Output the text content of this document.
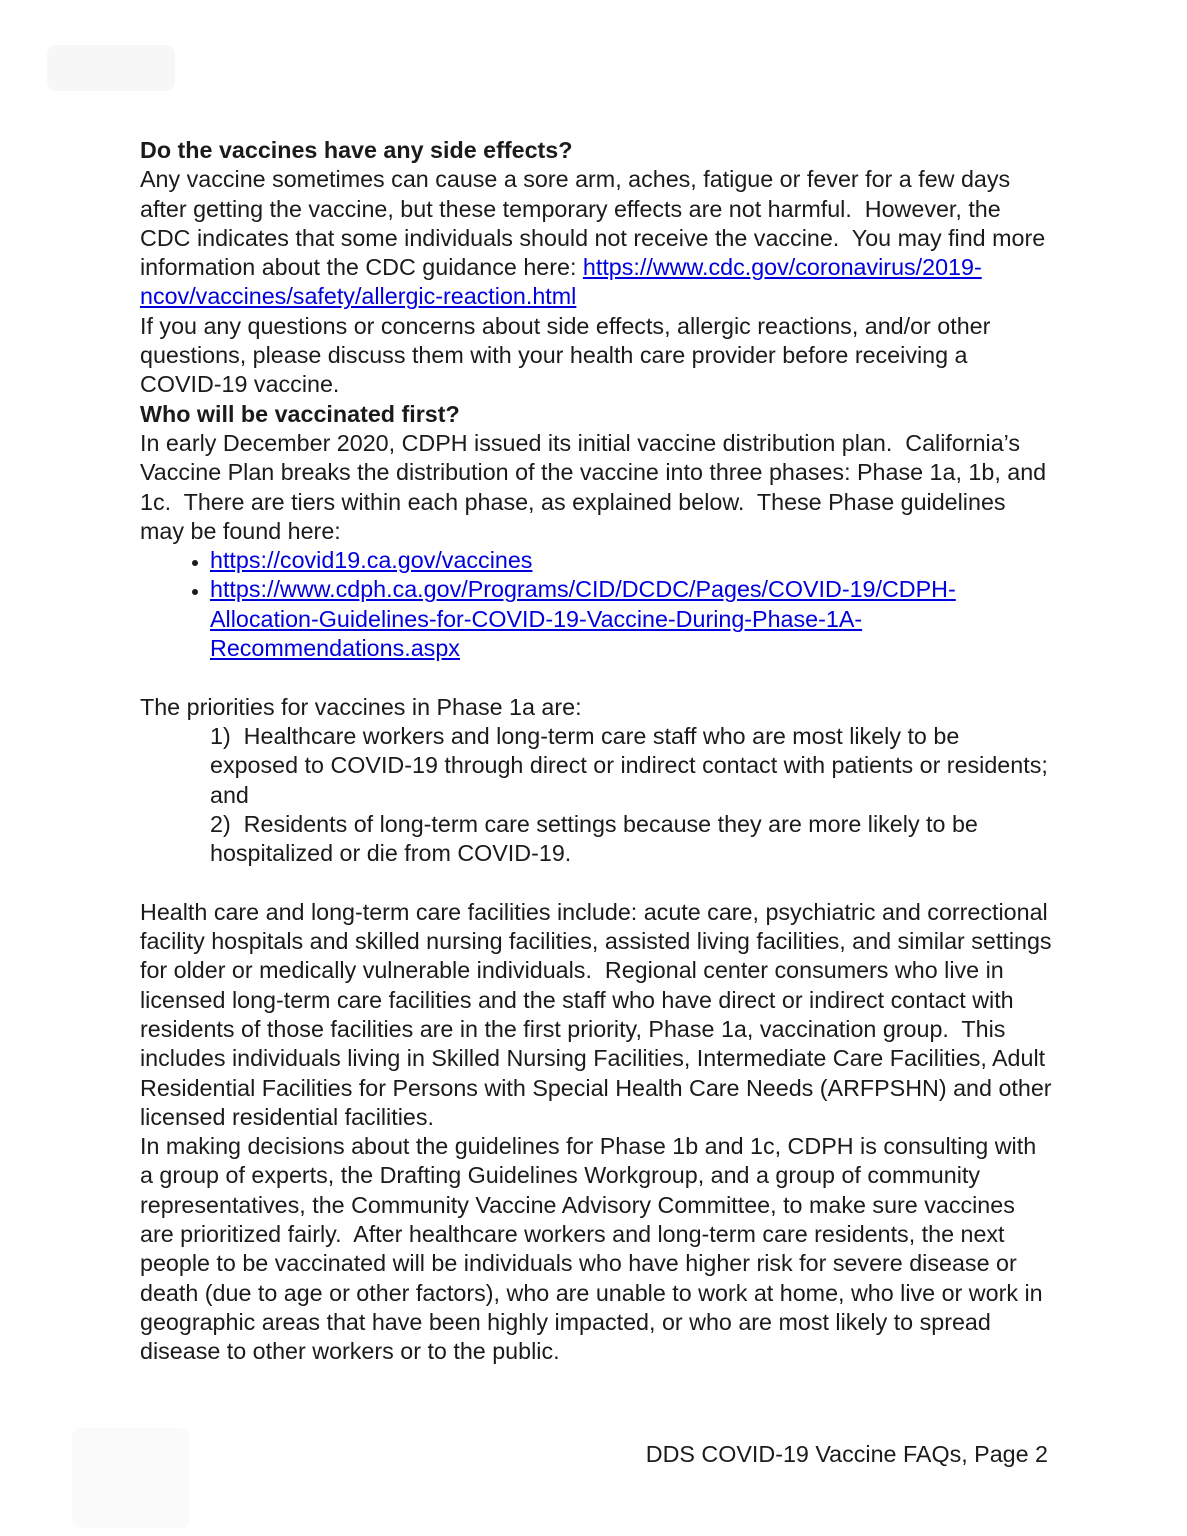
Do the vaccines have any side effects?

Any vaccine sometimes can cause a sore arm, aches, fatigue or fever for a few days after getting the vaccine, but these temporary effects are not harmful.  However, the CDC indicates that some individuals should not receive the vaccine.  You may find more information about the CDC guidance here: https://www.cdc.gov/coronavirus/2019-ncov/vaccines/safety/allergic-reaction.html

If you any questions or concerns about side effects, allergic reactions, and/or other questions, please discuss them with your health care provider before receiving a COVID-19 vaccine.

Who will be vaccinated first?

In early December 2020, CDPH issued its initial vaccine distribution plan.  California’s Vaccine Plan breaks the distribution of the vaccine into three phases: Phase 1a, 1b, and 1c.  There are tiers within each phase, as explained below.  These Phase guidelines may be found here:

• https://covid19.ca.gov/vaccines
• https://www.cdph.ca.gov/Programs/CID/DCDC/Pages/COVID-19/CDPH-Allocation-Guidelines-for-COVID-19-Vaccine-During-Phase-1A-Recommendations.aspx

The priorities for vaccines in Phase 1a are:

1)  Healthcare workers and long-term care staff who are most likely to be exposed to COVID-19 through direct or indirect contact with patients or residents; and

2)  Residents of long-term care settings because they are more likely to be hospitalized or die from COVID-19.

Health care and long-term care facilities include: acute care, psychiatric and correctional facility hospitals and skilled nursing facilities, assisted living facilities, and similar settings for older or medically vulnerable individuals.  Regional center consumers who live in licensed long-term care facilities and the staff who have direct or indirect contact with residents of those facilities are in the first priority, Phase 1a, vaccination group.  This includes individuals living in Skilled Nursing Facilities, Intermediate Care Facilities, Adult Residential Facilities for Persons with Special Health Care Needs (ARFPSHN) and other licensed residential facilities.

In making decisions about the guidelines for Phase 1b and 1c, CDPH is consulting with a group of experts, the Drafting Guidelines Workgroup, and a group of community representatives, the Community Vaccine Advisory Committee, to make sure vaccines are prioritized fairly.  After healthcare workers and long-term care residents, the next people to be vaccinated will be individuals who have higher risk for severe disease or death (due to age or other factors), who are unable to work at home, who live or work in geographic areas that have been highly impacted, or who are most likely to spread disease to other workers or to the public.

DDS COVID-19 Vaccine FAQs, Page 2
